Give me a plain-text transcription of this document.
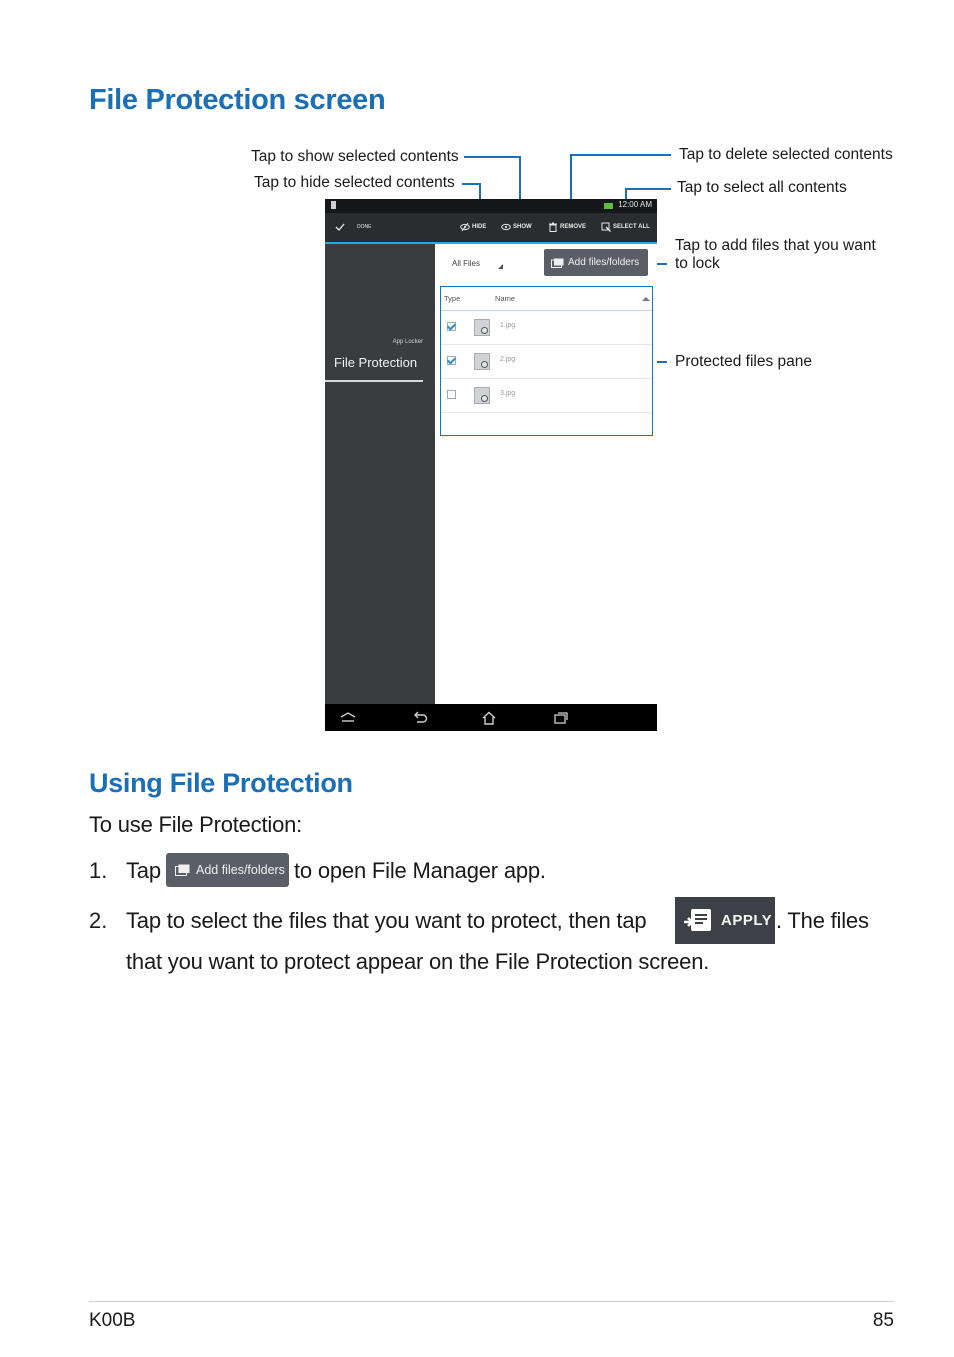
File Protection screen
Tap to show selected contents
Tap to hide selected contents
Tap to delete selected contents
Tap to select all contents
Tap to add files that you want
to lock
Protected files pane
12:00 AM
DONE	HIDE	SHOW	REMOVE	SELECT ALL
App Locker
File Protection
All Files	Add files/folders
Type	Name
1.jpg
2.jpg
3.jpg
Using File Protection
To use File Protection:
1. Tap	Add files/folders to open File Manager app.
2. Tap to select the files that you want to protect, then tap	APPLY . The files
that you want to protect appear on the File Protection screen.
K00B	85
